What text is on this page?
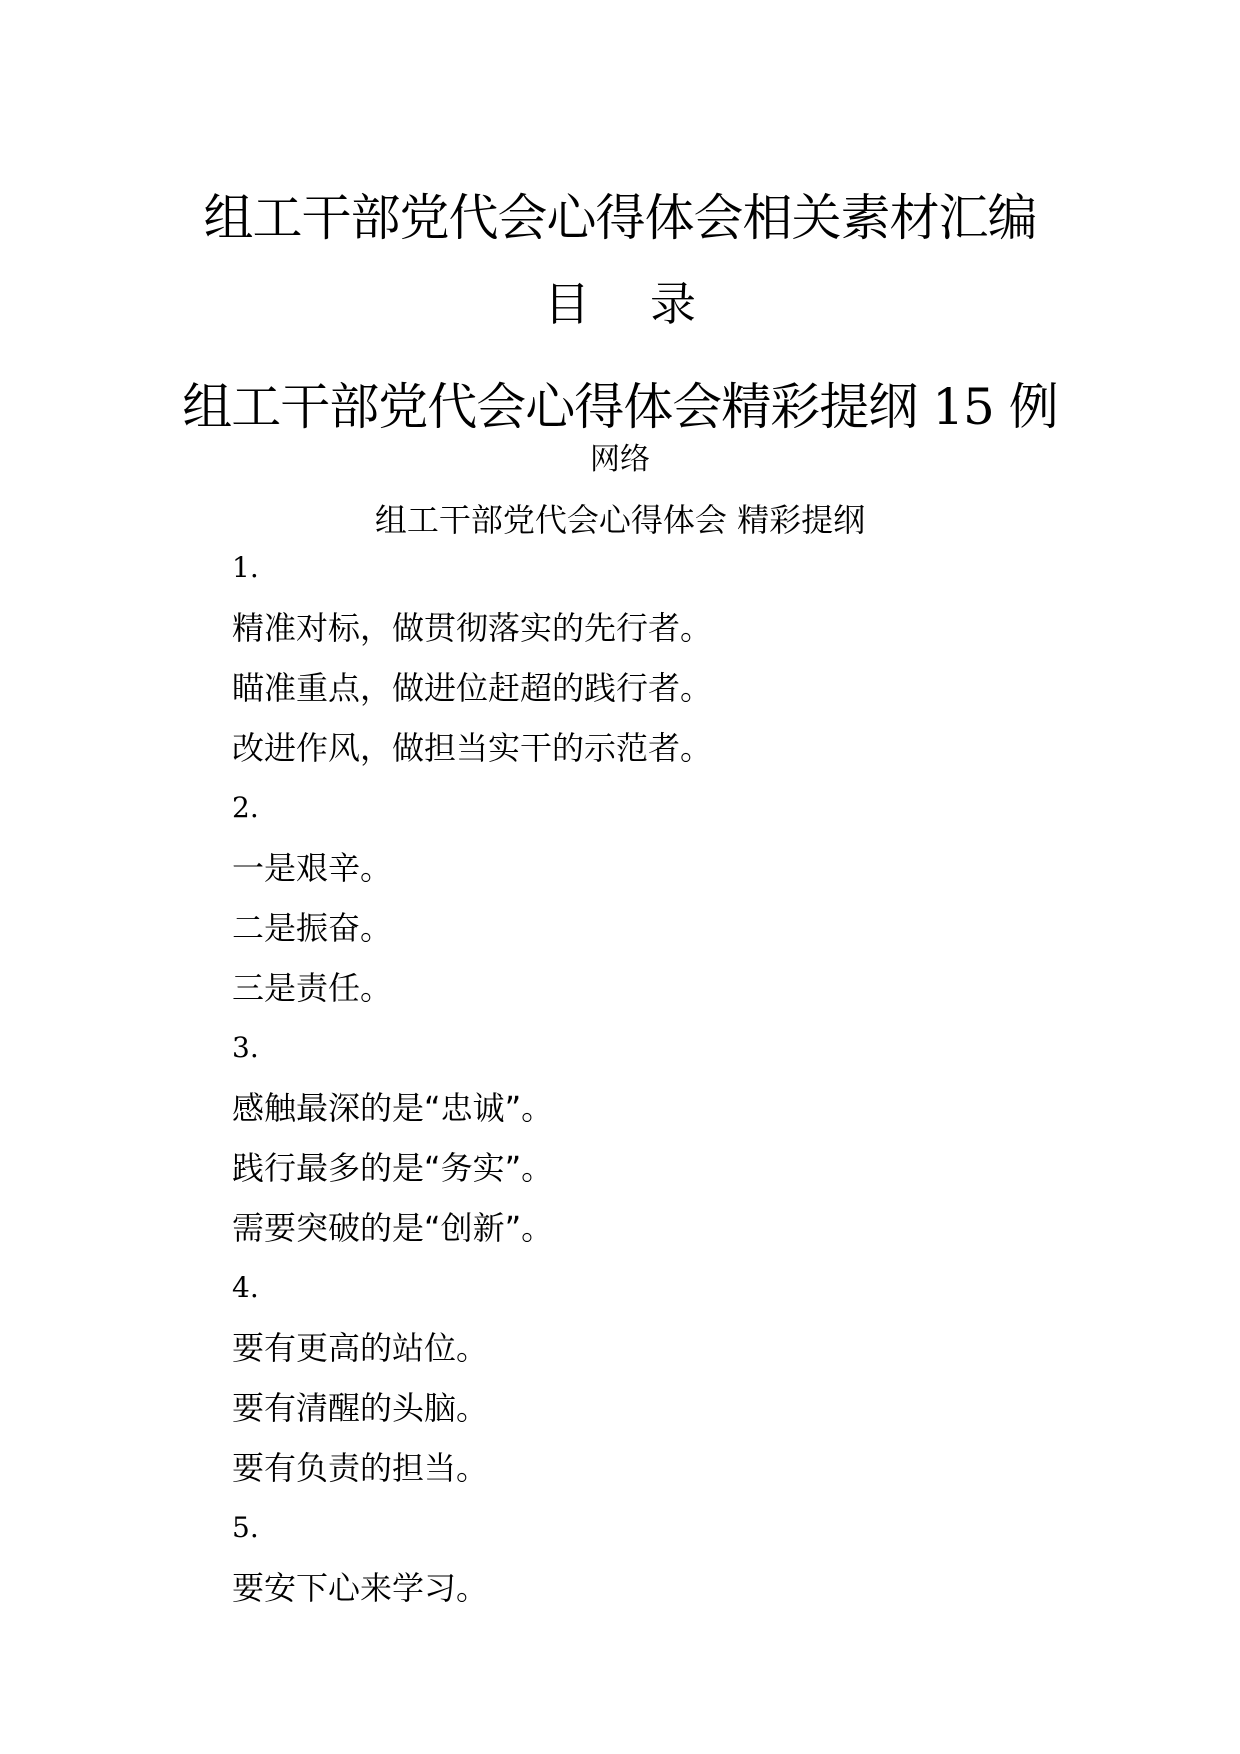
组工干部党代会心得体会相关素材汇编
目 录
组工干部党代会心得体会精彩提纲 15 例
网络
组工干部党代会心得体会 精彩提纲
1.
精准对标，做贯彻落实的先行者。
瞄准重点，做进位赶超的践行者。
改进作风，做担当实干的示范者。
2.
一是艰辛。
二是振奋。
三是责任。
3.
感触最深的是“忠诚”。
践行最多的是“务实”。
需要突破的是“创新”。
4.
要有更高的站位。
要有清醒的头脑。
要有负责的担当。
5.
要安下心来学习。
